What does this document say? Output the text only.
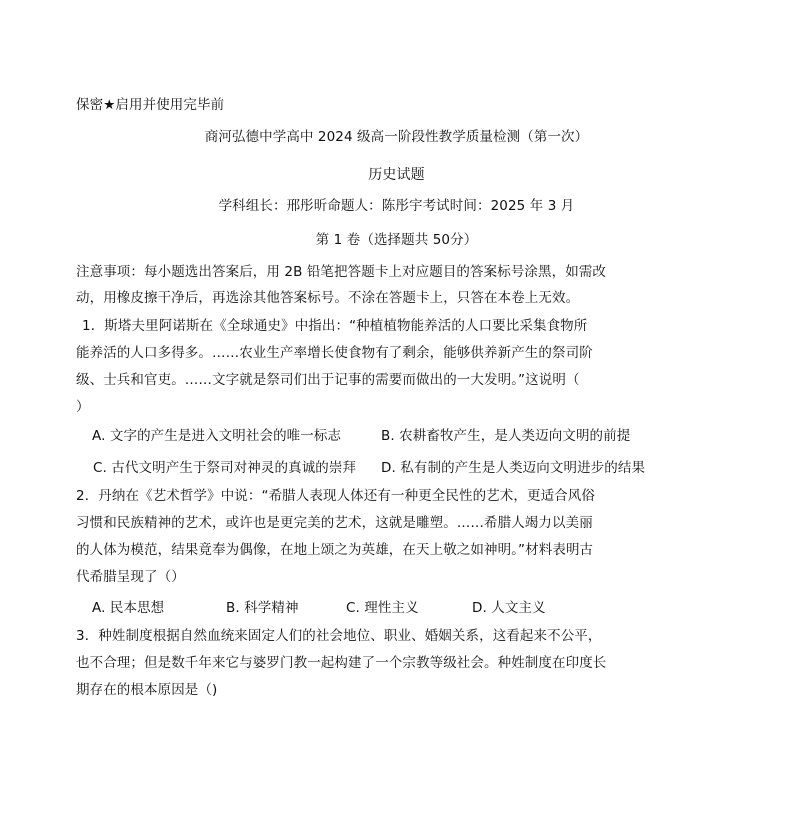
保密★启用并使用完毕前
商河弘德中学高中 2024 级高一阶段性教学质量检测（第一次）
历史试题
学科组长：邢彤昕命题人：陈彤宇考试时间：2025 年 3 月
第 1 卷（选择题共 50分）
注意事项：每小题选出答案后，用 2B 铅笔把答题卡上对应题目的答案标号涂黑，如需改
动，用橡皮擦干净后，再选涂其他答案标号。不涂在答题卡上，只答在本卷上无效。
1．斯塔夫里阿诺斯在《全球通史》中指出：“种植植物能养活的人口要比采集食物所
能养活的人口多得多。……农业生产率增长使食物有了剩余，能够供养新产生的祭司阶
级、士兵和官吏。……文字就是祭司们出于记事的需要而做出的一大发明。”这说明（
）
A. 文字的产生是进入文明社会的唯一标志	B. 农耕畜牧产生，是人类迈向文明的前提
C. 古代文明产生于祭司对神灵的真诚的崇拜 D. 私有制的产生是人类迈向文明进步的结果
2．丹纳在《艺术哲学》中说：“希腊人表现人体还有一种更全民性的艺术，更适合风俗
习惯和民族精神的艺术，或许也是更完美的艺术，这就是雕塑。……希腊人竭力以美丽
的人体为模范，结果竟奉为偶像，在地上颂之为英雄，在天上敬之如神明。”材料表明古
代希腊呈现了（）
A. 民本思想	B. 科学精神	C. 理性主义	D. 人文主义
3．种姓制度根据自然血统来固定人们的社会地位、职业、婚姻关系，这看起来不公平，
也不合理；但是数千年来它与婆罗门教一起构建了一个宗教等级社会。种姓制度在印度长
期存在的根本原因是（)
